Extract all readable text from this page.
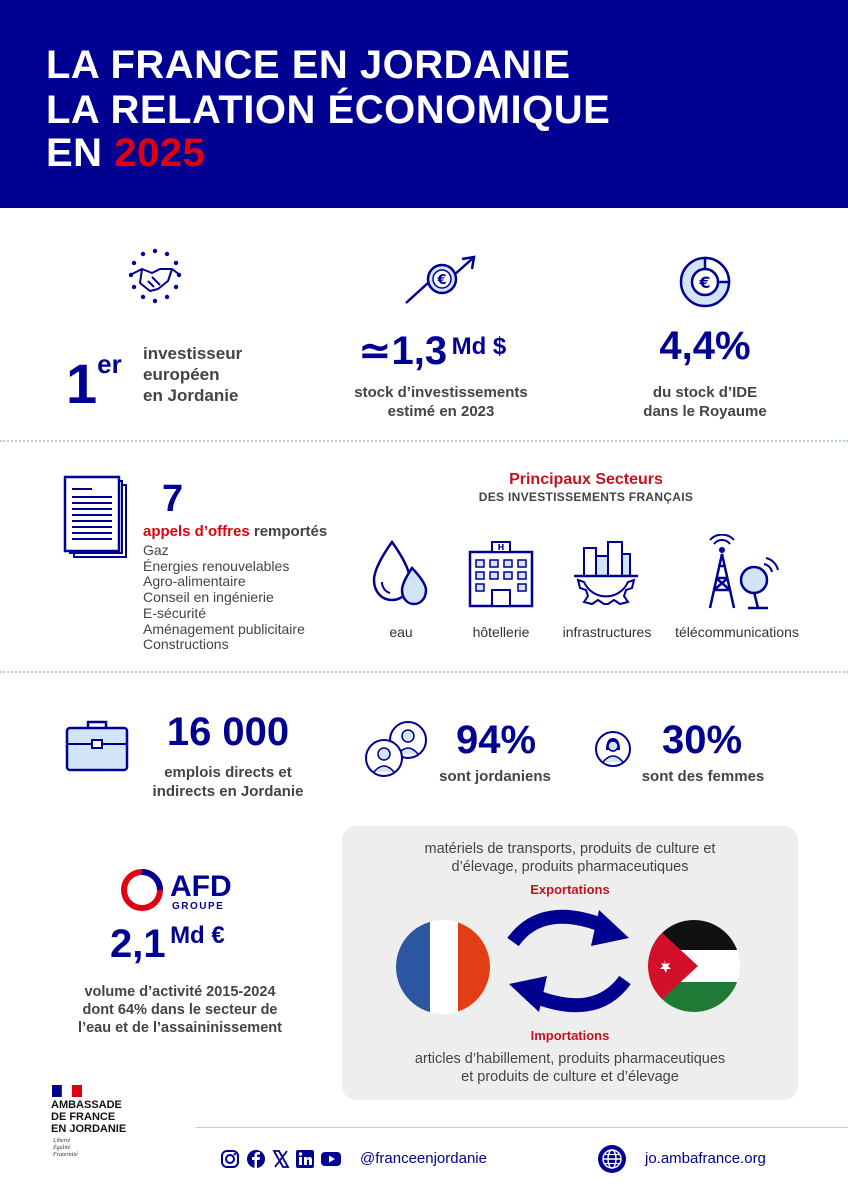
LA FRANCE EN JORDANIE
LA RELATION ÉCONOMIQUE
EN 2025
€	€
1er investisseur
européen
en Jordanie
≃1,3 Md $
stock d’investissements
estimé en 2023
4,4%
du stock d’IDE
dans le Royaume
7
appels d’offres remportés
Gaz
Énergies renouvelables
Agro-alimentaire
Conseil en ingénierie
E-sécurité
Aménagement publicitaire
Constructions
Principaux Secteurs
DES INVESTISSEMENTS FRANÇAIS
H
eau	hôtellerie	infrastructures	télécommunications
16 000
emplois directs et
indirects en Jordanie
94%
sont jordaniens
30%
sont des femmes
AFD
GROUPE
2,1 Md €
volume d’activité 2015-2024
dont 64% dans le secteur de
l’eau et de l’assaininissement
matériels de transports, produits de culture et
d’élevage, produits pharmaceutiques
Exportations
Importations
articles d’habillement, produits pharmaceutiques
et produits de culture et d’élevage
AMBASSADE
DE FRANCE
EN JORDANIE
Liberté
Égalité
Fraternité	@franceenjordanie	jo.ambafrance.org
